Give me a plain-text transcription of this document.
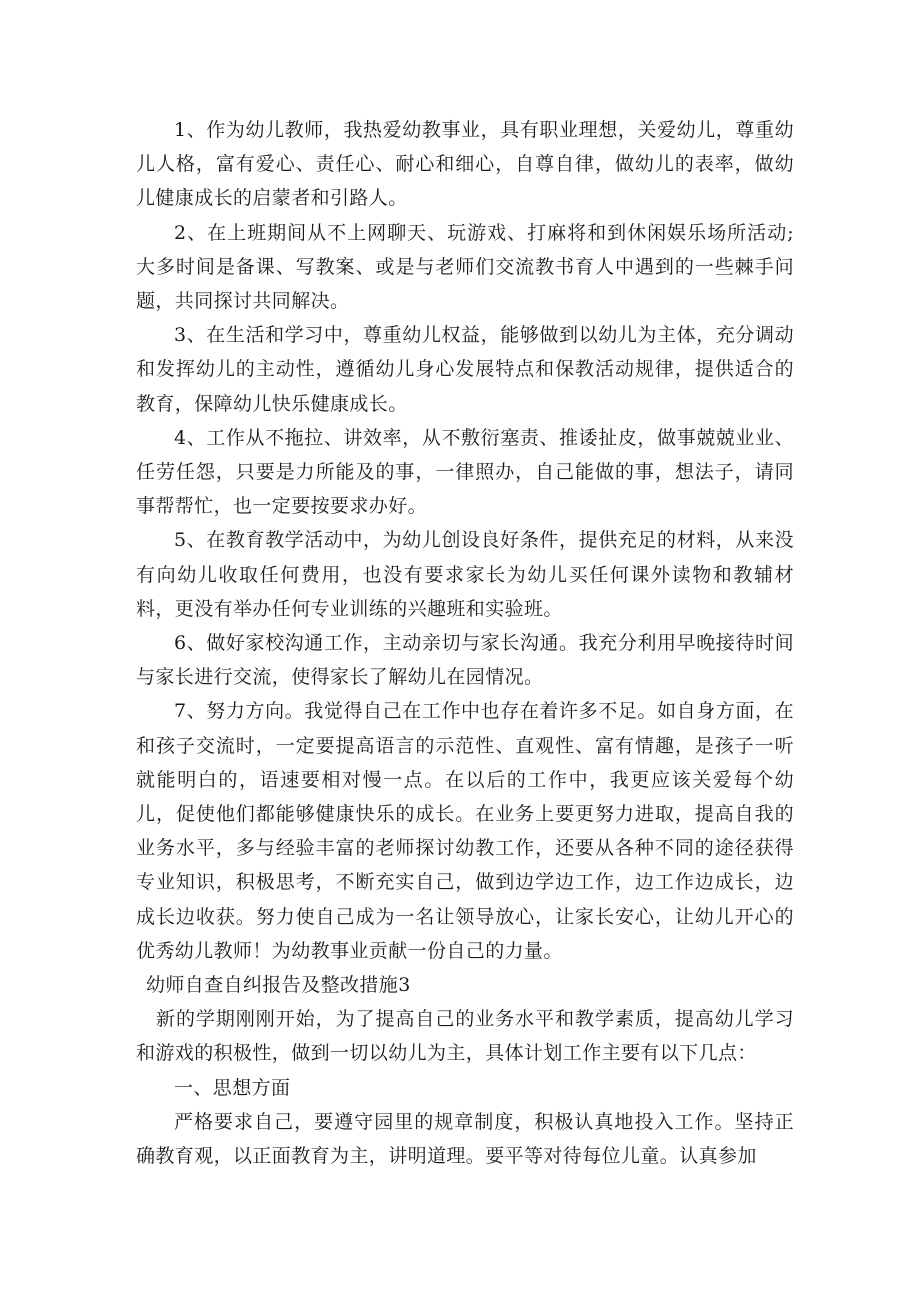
1、作为幼儿教师，我热爱幼教事业，具有职业理想，关爱幼儿，尊重幼儿人格，富有爱心、责任心、耐心和细心，自尊自律，做幼儿的表率，做幼儿健康成长的启蒙者和引路人。

2、在上班期间从不上网聊天、玩游戏、打麻将和到休闲娱乐场所活动;大多时间是备课、写教案、或是与老师们交流教书育人中遇到的一些棘手问题，共同探讨共同解决。

3、在生活和学习中，尊重幼儿权益，能够做到以幼儿为主体，充分调动和发挥幼儿的主动性，遵循幼儿身心发展特点和保教活动规律，提供适合的教育，保障幼儿快乐健康成长。

4、工作从不拖拉、讲效率，从不敷衍塞责、推诿扯皮，做事兢兢业业、任劳任怨，只要是力所能及的事，一律照办，自己能做的事，想法子，请同事帮帮忙，也一定要按要求办好。

5、在教育教学活动中，为幼儿创设良好条件，提供充足的材料，从来没有向幼儿收取任何费用，也没有要求家长为幼儿买任何课外读物和教辅材料，更没有举办任何专业训练的兴趣班和实验班。

6、做好家校沟通工作，主动亲切与家长沟通。我充分利用早晚接待时间与家长进行交流，使得家长了解幼儿在园情况。

7、努力方向。我觉得自己在工作中也存在着许多不足。如自身方面，在和孩子交流时，一定要提高语言的示范性、直观性、富有情趣，是孩子一听就能明白的，语速要相对慢一点。在以后的工作中，我更应该关爱每个幼儿，促使他们都能够健康快乐的成长。在业务上要更努力进取，提高自我的业务水平，多与经验丰富的老师探讨幼教工作，还要从各种不同的途径获得专业知识，积极思考，不断充实自己，做到边学边工作，边工作边成长，边成长边收获。努力使自己成为一名让领导放心，让家长安心，让幼儿开心的优秀幼儿教师！为幼教事业贡献一份自己的力量。

幼师自查自纠报告及整改措施3

新的学期刚刚开始，为了提高自己的业务水平和教学素质，提高幼儿学习和游戏的积极性，做到一切以幼儿为主，具体计划工作主要有以下几点：

一、思想方面

严格要求自己，要遵守园里的规章制度，积极认真地投入工作。坚持正确教育观，以正面教育为主，讲明道理。要平等对待每位儿童。认真参加
